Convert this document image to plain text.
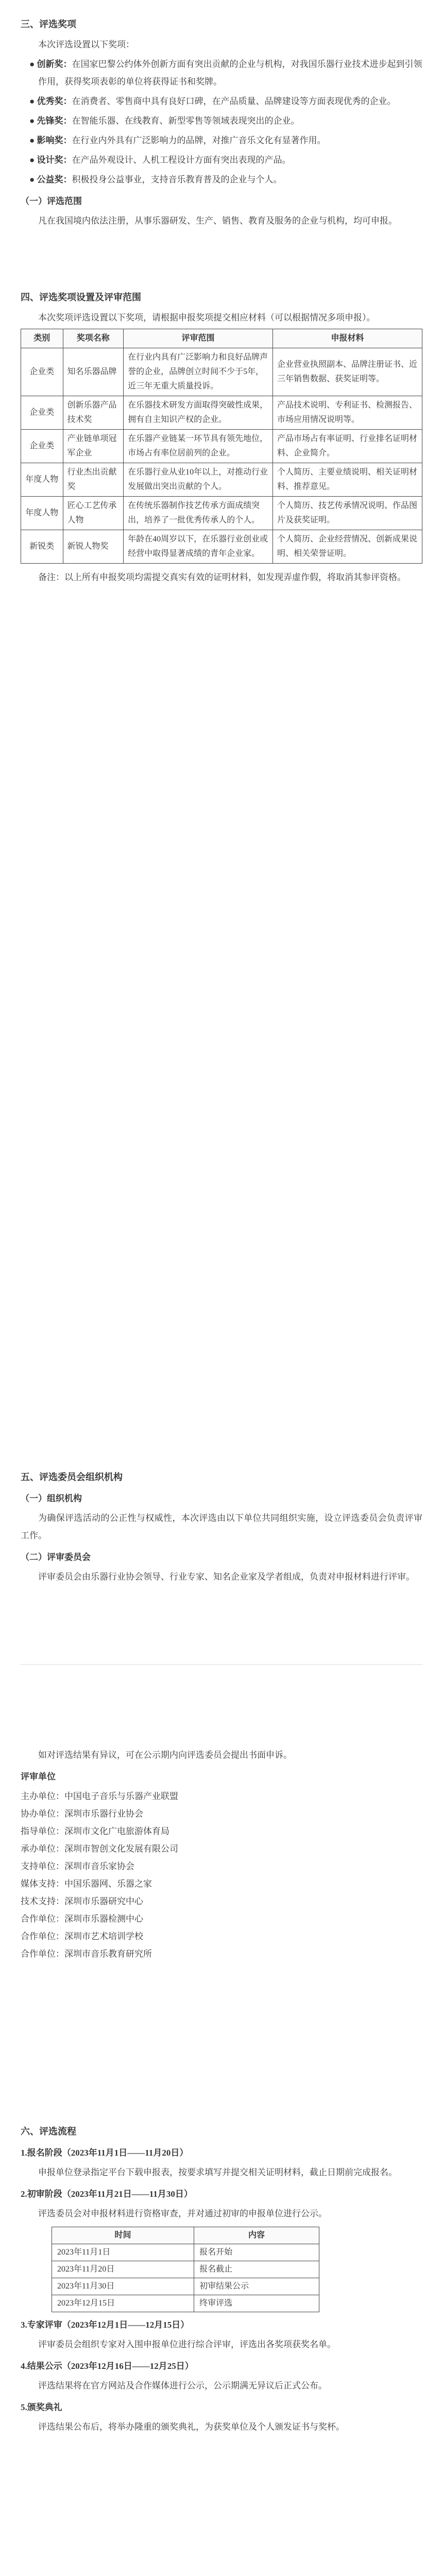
三、评选奖项

本次评选设置以下奖项：

● 创新奖：在国家巴黎公约体外创新方面有突出贡献的企业与机构，对我国乐器行业技术进步起到引领作用，获得奖项表彰的单位将获得证书和奖牌。

● 优秀奖：在消费者、零售商中具有良好口碑，在产品质量、品牌建设等方面表现优秀的企业。

● 先锋奖：在智能乐器、在线教育、新型零售等领域表现突出的企业。

● 影响奖：在行业内外具有广泛影响力的品牌，对推广音乐文化有显著作用。

● 设计奖：在产品外观设计、人机工程设计方面有突出表现的产品。

● 公益奖：积极投身公益事业，支持音乐教育普及的企业与个人。

（一）评选范围

凡在我国境内依法注册，从事乐器研发、生产、销售、教育及服务的企业与机构，均可申报。

四、评选奖项设置及评审范围

本次奖项评选设置以下奖项，请根据申报奖项提交相应材料（可以根据情况多项申报）。

类别	奖项名称	评审范围	申报材料
企业类	知名乐器品牌	在行业内具有广泛影响力和良好品牌声誉的企业，品牌创立时间不少于5年，近三年无重大质量投诉。	企业营业执照副本、品牌注册证书、近三年销售数据、获奖证明等。
企业类	创新乐器产品技术奖	在乐器技术研发方面取得突破性成果，拥有自主知识产权的企业。	产品技术说明、专利证书、检测报告、市场应用情况说明等。
企业类	产业链单项冠军企业	在乐器产业链某一环节具有领先地位，市场占有率位居前列的企业。	产品市场占有率证明、行业排名证明材料、企业简介。
年度人物	行业杰出贡献奖	在乐器行业从业10年以上，对推动行业发展做出突出贡献的个人。	个人简历、主要业绩说明、相关证明材料、推荐意见。
年度人物	匠心工艺传承人物	在传统乐器制作技艺传承方面成绩突出，培养了一批优秀传承人的个人。	个人简历、技艺传承情况说明、作品图片及获奖证明。
新锐类	新锐人物奖	年龄在40周岁以下，在乐器行业创业或经营中取得显著成绩的青年企业家。	个人简历、企业经营情况、创新成果说明、相关荣誉证明。

备注：以上所有申报奖项均需提交真实有效的证明材料，如发现弄虚作假，将取消其参评资格。

五、评选委员会组织机构

（一）组织机构

为确保评选活动的公正性与权威性，本次评选由以下单位共同组织实施，设立评选委员会负责评审工作。

（二）评审委员会

评审委员会由乐器行业协会领导、行业专家、知名企业家及学者组成，负责对申报材料进行评审。

如对评选结果有异议，可在公示期内向评选委员会提出书面申诉。

评审单位

主办单位：中国电子音乐与乐器产业联盟

协办单位：深圳市乐器行业协会

指导单位：深圳市文化广电旅游体育局

承办单位：深圳市智创文化发展有限公司

支持单位：深圳市音乐家协会

媒体支持：中国乐器网、乐器之家

技术支持：深圳市乐器研究中心

合作单位：深圳市乐器检测中心

合作单位：深圳市艺术培训学校

合作单位：深圳市音乐教育研究所

六、评选流程

1.报名阶段（2023年11月1日——11月20日）

申报单位登录指定平台下载申报表，按要求填写并提交相关证明材料，截止日期前完成报名。

2.初审阶段（2023年11月21日——11月30日）

评选委员会对申报材料进行资格审查，并对通过初审的申报单位进行公示。

时间	内容
2023年11月1日	报名开始
2023年11月20日	报名截止
2023年11月30日	初审结果公示
2023年12月15日	终审评选

3.专家评审（2023年12月1日——12月15日）

评审委员会组织专家对入围申报单位进行综合评审，评选出各奖项获奖名单。

4.结果公示（2023年12月16日——12月25日）

评选结果将在官方网站及合作媒体进行公示，公示期满无异议后正式公布。

5.颁奖典礼

评选结果公布后，将举办隆重的颁奖典礼，为获奖单位及个人颁发证书与奖杯。
